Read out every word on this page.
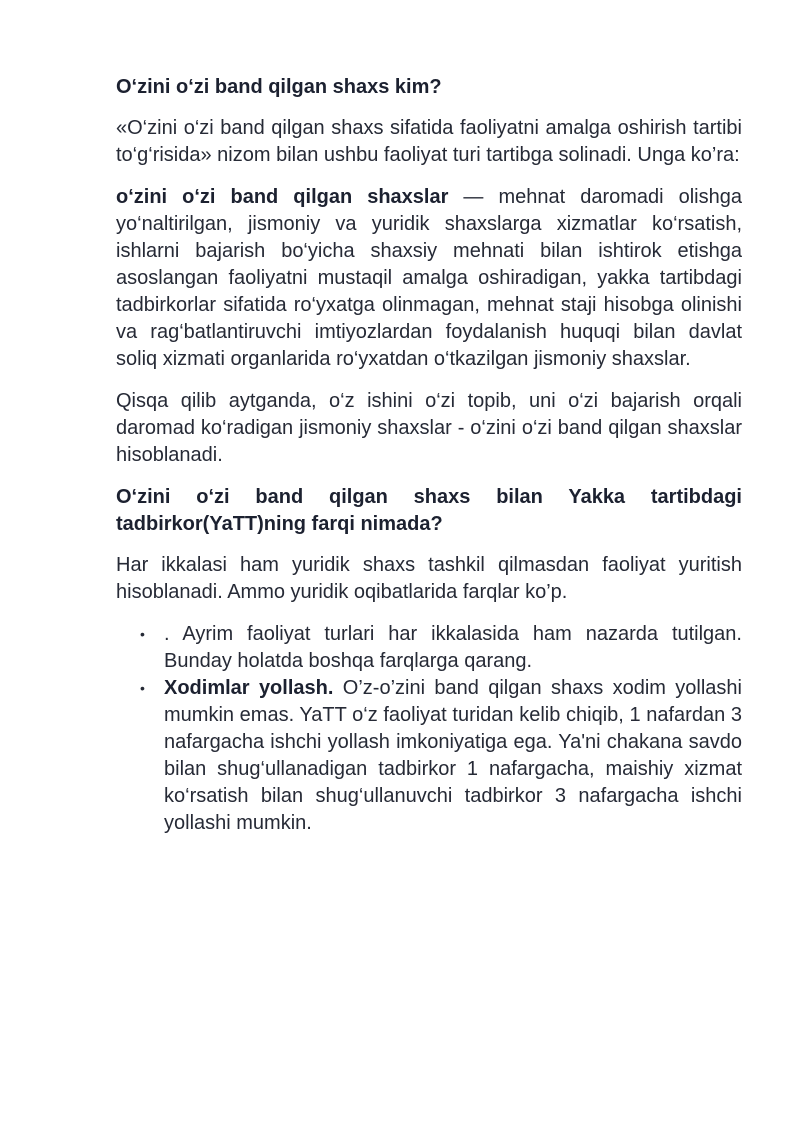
O‘zini o‘zi band qilgan shaxs kim?

«O‘zini o‘zi band qilgan shaxs sifatida faoliyatni amalga oshirish tartibi to‘g‘risida» nizom bilan ushbu faoliyat turi tartibga solinadi. Unga ko’ra:

o‘zini o‘zi band qilgan shaxslar — mehnat daromadi olishga yo‘naltirilgan, jismoniy va yuridik shaxslarga xizmatlar ko‘rsatish, ishlarni bajarish bo‘yicha shaxsiy mehnati bilan ishtirok etishga asoslangan faoliyatni mustaqil amalga oshiradigan, yakka tartibdagi tadbirkorlar sifatida ro‘yxatga olinmagan, mehnat staji hisobga olinishi va rag‘batlantiruvchi imtiyozlardan foydalanish huquqi bilan davlat soliq xizmati organlarida ro‘yxatdan o‘tkazilgan jismoniy shaxslar.

Qisqa qilib aytganda, o‘z ishini o‘zi topib, uni o‘zi bajarish orqali daromad ko‘radigan jismoniy shaxslar - o‘zini o‘zi band qilgan shaxslar hisoblanadi.

O‘zini o‘zi band qilgan shaxs bilan Yakka tartibdagi tadbirkor(YaTT)ning farqi nimada?

Har ikkalasi ham yuridik shaxs tashkil qilmasdan faoliyat yuritish hisoblanadi. Ammo yuridik oqibatlarida farqlar ko’p.

• . Ayrim faoliyat turlari har ikkalasida ham nazarda tutilgan. Bunday holatda boshqa farqlarga qarang.
• Xodimlar yollash. O’z-o’zini band qilgan shaxs xodim yollashi mumkin emas. YaTT o‘z faoliyat turidan kelib chiqib, 1 nafardan 3 nafargacha ishchi yollash imkoniyatiga ega. Ya'ni chakana savdo bilan shug‘ullanadigan tadbirkor 1 nafargacha, maishiy xizmat ko‘rsatish bilan shug‘ullanuvchi tadbirkor 3 nafargacha ishchi yollashi mumkin.
